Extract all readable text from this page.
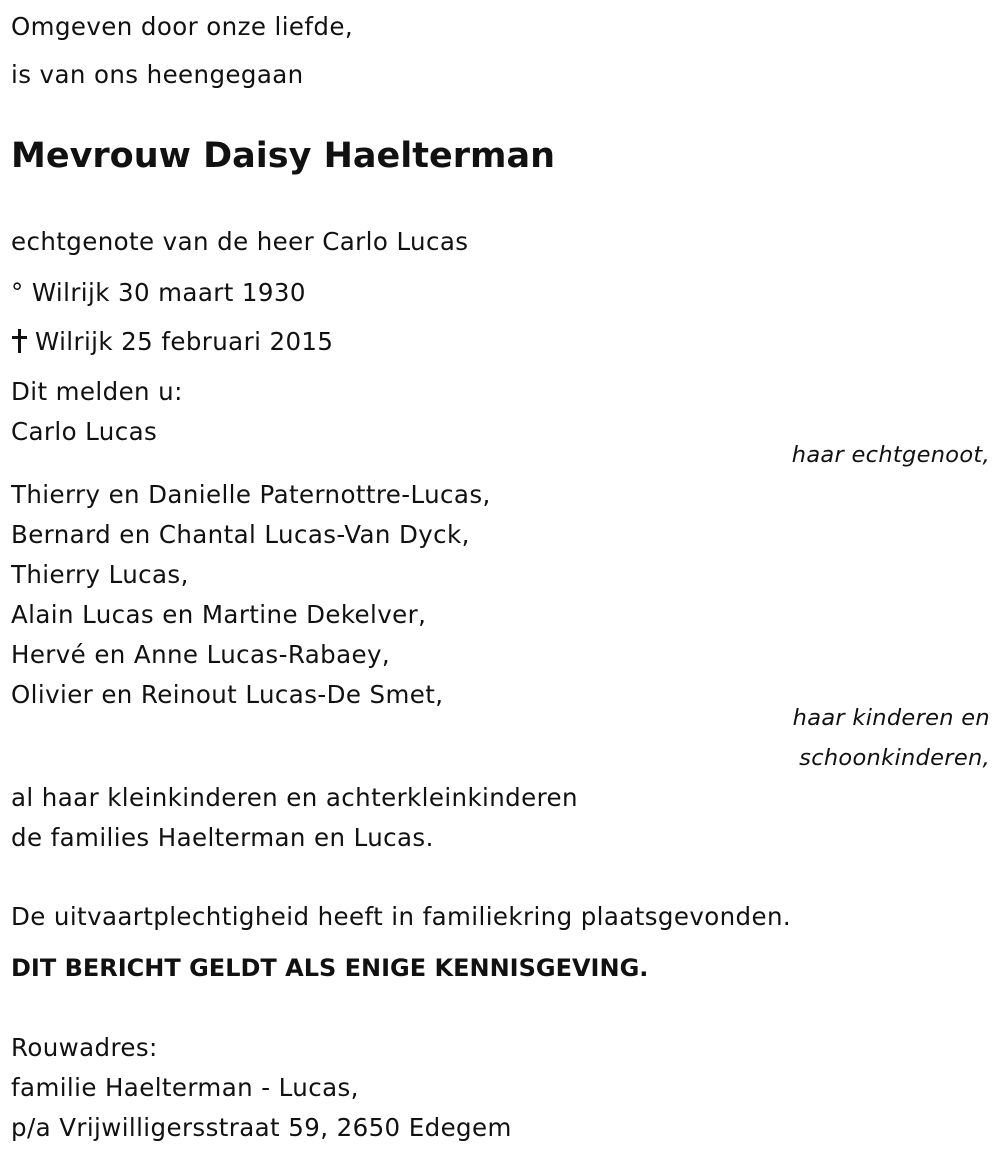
Omgeven door onze liefde,
is van ons heengegaan
Mevrouw Daisy Haelterman
echtgenote van de heer Carlo Lucas
° Wilrijk 30 maart 1930
Wilrijk 25 februari 2015
Dit melden u:
Carlo Lucas
haar echtgenoot,
Thierry en Danielle Paternottre-Lucas,
Bernard en Chantal Lucas-Van Dyck,
Thierry Lucas,
Alain Lucas en Martine Dekelver,
Hervé en Anne Lucas-Rabaey,
Olivier en Reinout Lucas-De Smet,
haar kinderen en
schoonkinderen,
al haar kleinkinderen en achterkleinkinderen
de families Haelterman en Lucas.
De uitvaartplechtigheid heeft in familiekring plaatsgevonden.
DIT BERICHT GELDT ALS ENIGE KENNISGEVING.
Rouwadres:
familie Haelterman - Lucas,
p/a Vrijwilligersstraat 59, 2650 Edegem
